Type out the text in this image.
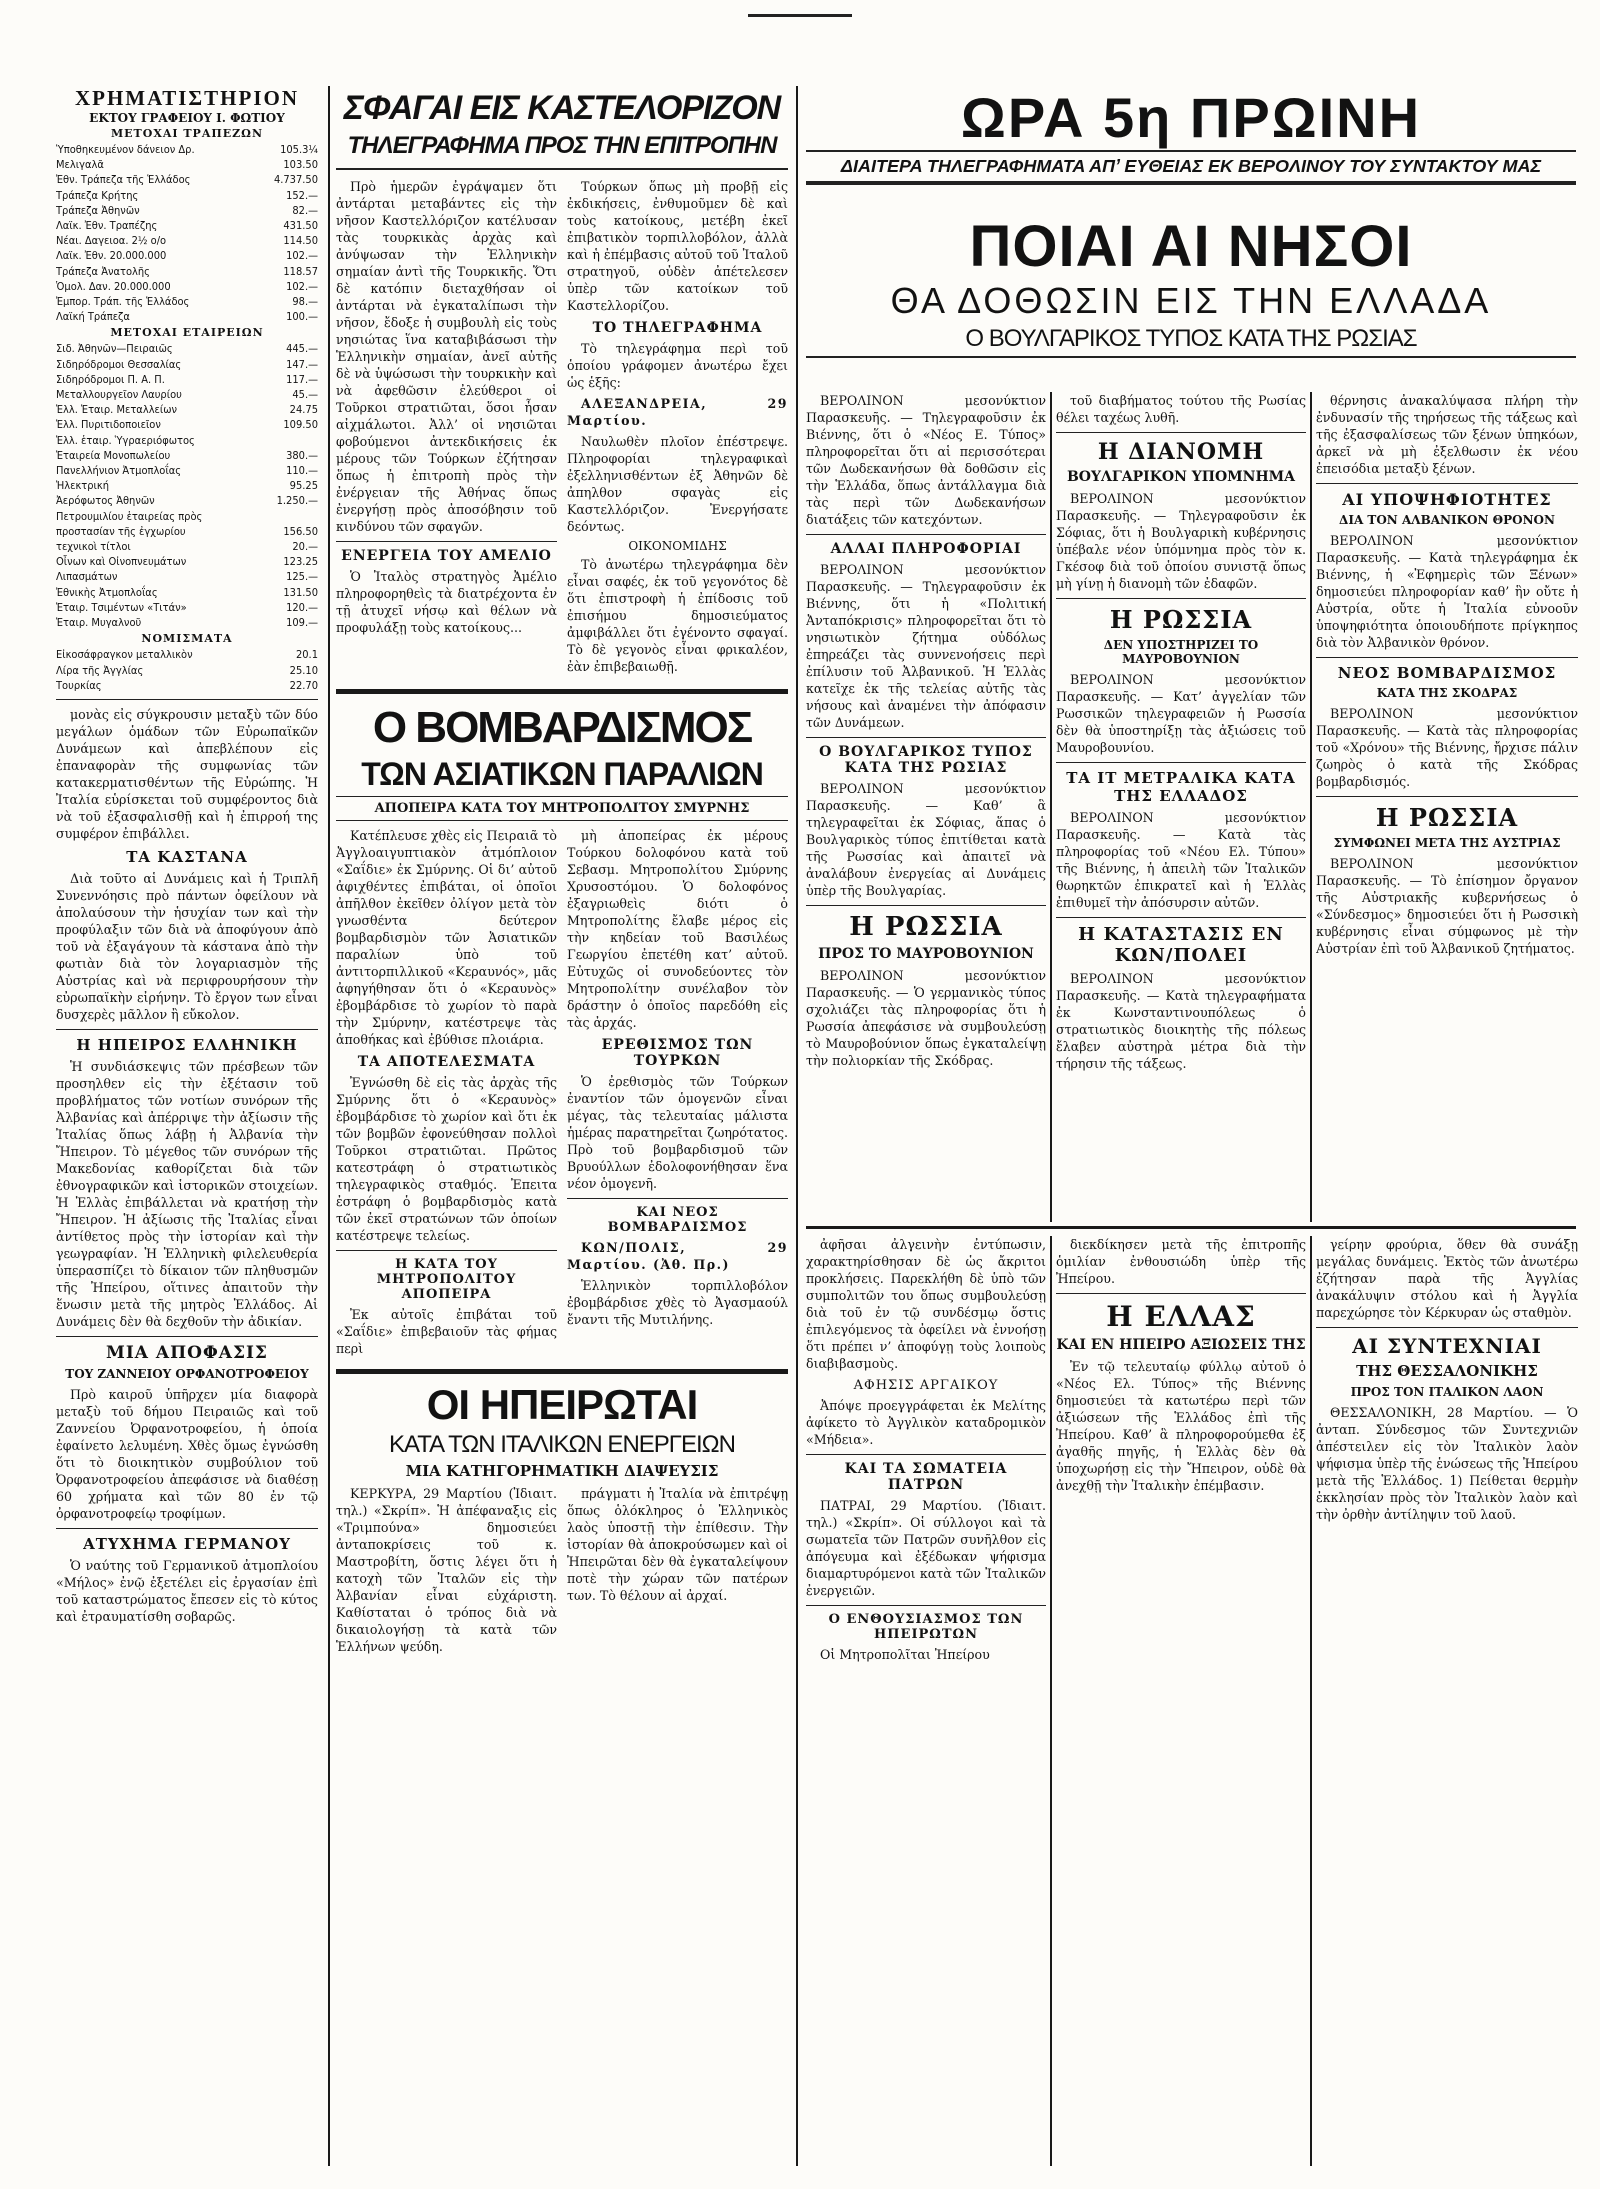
ΧΡΗΜΑΤΙΣΤΗΡΙΟΝ
ΕΚΤΟΥ ΓΡΑΦΕΙΟΥ Ι. ΦΩΤΙΟΥ
ΜΕΤΟΧΑΙ ΤΡΑΠΕΖΩΝ
Ὑποθηκευμένον δάνειον Δρ.	105.3¼
Μελιγαλᾶ	103.50
Ἐθν. Τράπεζα τῆς Ἑλλάδος	4.737.50
Τράπεζα Κρήτης	152.—
Τράπεζα Ἀθηνῶν	82.—
Λαϊκ. Ἐθν. Τραπέζης	431.50
Νέαι. Δαγειοα. 2½ ο/ο	114.50
Λαϊκ. Ἐθν. 20.000.000	102.—
Τράπεζα Ἀνατολῆς	118.57
Ὁμολ. Δαν. 20.000.000	102.—
Ἐμπορ. Τράπ. τῆς Ἑλλάδος	98.—
Λαϊκή Τράπεζα	100.—
ΜΕΤΟΧΑΙ ΕΤΑΙΡΕΙΩΝ
Σιδ. Ἀθηνῶν—Πειραιῶς	445.—
Σιδηρόδρομοι Θεσσαλίας	147.—
Σιδηρόδρομοι Π. Α. Π.	117.—
Μεταλλουργεῖον Λαυρίου	45.—
Ἑλλ. Ἑταιρ. Μεταλλείων	24.75
Ἑλλ. Πυριτιδοποιεῖον	109.50
Ἑλλ. ἑταιρ. Ὑγραεριόφωτος
Ἑταιρεία Μονοπωλείου	380.—
Πανελλήνιον Ἀτμοπλοΐας	110.—
Ἡλεκτρική	95.25
Ἀερόφωτος Ἀθηνῶν	1.250.—
Πετρουμιλίου ἑταιρείας πρὸς
προστασίαν τῆς ἐγχωρίου	156.50
τεχνικοὶ τίτλοι	20.—
Οἶνων καὶ Οἰνοπνευμάτων	123.25
Λιπασμάτων	125.—
Ἐθνικὴς Ἀτμοπλοΐας	131.50
Ἑταιρ. Τσιμέντων «Τιτάν»	120.—
Ἑταιρ. Μυγαλνοῦ	109.—
ΝΟΜΙΣΜΑΤΑ
Εἰκοσάφραγκον μεταλλικὸν	20.1
Λίρα τῆς Ἀγγλίας	25.10
Τουρκίας	22.70

μονὰς εἰς σύγκρουσιν μεταξὺ τῶν δύο μεγάλων ὁμάδων τῶν Εὐρωπαϊκῶν Δυνάμεων καὶ ἀπεβλέπουν εἰς ἐπαναφορὰν τῆς συμφωνίας τῶν κατακερματισθέντων τῆς Εὐρώπης. Ἡ Ἰταλία εὑρίσκεται τοῦ συμφέροντος διὰ νὰ τοῦ ἐξασφαλισθῇ καὶ ἡ ἐπιρροή της συμφέρον ἐπιβάλλει.

ΤΑ ΚΑΣΤΑΝΑ

Διὰ τοῦτο αἱ Δυνάμεις καὶ ἡ Τριπλῆ Συνεννόησις πρὸ πάντων ὀφείλουν νὰ ἀπολαύσουν τὴν ἡσυχίαν των καὶ τὴν προφύλαξιν τῶν διὰ νὰ ἀποφύγουν ἀπὸ τοῦ νὰ ἐξαγάγουν τὰ κάστανα ἀπὸ τὴν φωτιὰν διὰ τὸν λογαριασμὸν τῆς Αὐστρίας καὶ νὰ περιφρουρήσουν τὴν εὐρωπαϊκὴν εἰρήνην. Τὸ ἔργον των εἶναι δυσχερὲς μᾶλλον ἢ εὔκολον.

Η ΗΠΕΙΡΟΣ ΕΛΛΗΝΙΚΗ

Ἡ συνδιάσκεψις τῶν πρέσβεων τῶν προσηλθεν εἰς τὴν ἐξέτασιν τοῦ προβλήματος τῶν νοτίων συνόρων τῆς Ἀλβανίας καὶ ἀπέρριψε τὴν ἀξίωσιν τῆς Ἰταλίας ὅπως λάβῃ ἡ Ἀλβανία τὴν Ἤπειρον. Τὸ μέγεθος τῶν συνόρων τῆς Μακεδονίας καθορίζεται διὰ τῶν ἐθνογραφικῶν καὶ ἱστορικῶν στοιχείων. Ἡ Ἑλλὰς ἐπιβάλλεται νὰ κρατήσῃ τὴν Ἤπειρον. Ἡ ἀξίωσις τῆς Ἰταλίας εἶναι ἀντίθετος πρὸς τὴν ἱστορίαν καὶ τὴν γεωγραφίαν. Ἡ Ἑλληνικὴ φιλελευθερία ὑπερασπίζει τὸ δίκαιον τῶν πληθυσμῶν τῆς Ἠπείρου, οἵτινες ἀπαιτοῦν τὴν ἕνωσιν μετὰ τῆς μητρὸς Ἑλλάδος. Αἱ Δυνάμεις δὲν θὰ δεχθοῦν τὴν ἀδικίαν.

ΜΙΑ ΑΠΟΦΑΣΙΣ
ΤΟΥ ΖΑΝΝΕΙΟΥ ΟΡΦΑΝΟΤΡΟΦΕΙΟΥ

Πρὸ καιροῦ ὑπῆρχεν μία διαφορὰ μεταξὺ τοῦ δήμου Πειραιῶς καὶ τοῦ Ζαννείου Ὀρφανοτροφείου, ἡ ὁποία ἐφαίνετο λελυμένη. Χθὲς ὅμως ἐγνώσθη ὅτι τὸ διοικητικὸν συμβούλιον τοῦ Ὀρφανοτροφείου ἀπεφάσισε νὰ διαθέσῃ 60 χρήματα καὶ τῶν 80 ἐν τῷ ὀρφανοτροφείῳ τροφίμων.

ΑΤΥΧΗΜΑ ΓΕΡΜΑΝΟΥ

Ὁ ναύτης τοῦ Γερμανικοῦ ἀτμοπλοίου «Μήλος» ἐνῷ ἐξετέλει εἰς ἐργασίαν ἐπὶ τοῦ καταστρώματος ἔπεσεν εἰς τὸ κύτος καὶ ἐτραυματίσθη σοβαρῶς.

ΣΦΑΓΑΙ ΕΙΣ ΚΑΣΤΕΛΟΡΙΖΟΝ
ΤΗΛΕΓΡΑΦΗΜΑ ΠΡΟΣ ΤΗΝ ΕΠΙΤΡΟΠΗΝ

Πρὸ ἡμερῶν ἐγράψαμεν ὅτι ἀντάρται μεταβάντες εἰς τὴν νῆσον Καστελλόριζον κατέλυσαν τὰς τουρκικὰς ἀρχὰς καὶ ἀνύψωσαν τὴν Ἑλληνικὴν σημαίαν ἀντὶ τῆς Τουρκικῆς. Ὅτι δὲ κατόπιν διεταχθήσαν οἱ ἀντάρται νὰ ἐγκαταλίπωσι τὴν νῆσον, ἔδοξε ἡ συμβουλὴ εἰς τοὺς νησιώτας ἵνα καταβιβάσωσι τὴν Ἑλληνικὴν σημαίαν, ἀνεῖ αὐτῆς δὲ νὰ ὑψώσωσι τὴν τουρκικὴν καὶ νὰ ἀφεθῶσιν ἐλεύθεροι οἱ Τοῦρκοι στρατιῶται, ὅσοι ἦσαν αἰχμάλωτοι. Ἀλλ’ οἱ νησιῶται φοβούμενοι ἀντεκδικήσεις ἐκ μέρους τῶν Τούρκων ἐζήτησαν ὅπως ἡ ἐπιτροπὴ πρὸς τὴν ἐνέργειαν τῆς Ἀθήνας ὅπως ἐνεργήσῃ πρὸς ἀποσόβησιν τοῦ κινδύνου τῶν σφαγῶν.

ΕΝΕΡΓΕΙΑ ΤΟΥ ΑΜΕΛΙΟ

Ὁ Ἰταλὸς στρατηγὸς Ἀμέλιο πληροφορηθεὶς τὰ διατρέχοντα ἐν τῇ ἀτυχεῖ νήσῳ καὶ θέλων νὰ προφυλάξῃ τοὺς κατοίκους...

Τούρκων ὅπως μὴ προβῇ εἰς ἐκδικήσεις, ἐνθυμοῦμεν δὲ καὶ τοὺς κατοίκους, μετέβη ἐκεῖ ἐπιβατικὸν τορπιλλοβόλον, ἀλλὰ καὶ ἡ ἐπέμβασις αὐτοῦ τοῦ Ἰταλοῦ στρατηγοῦ, οὐδὲν ἀπέτελεσεν ὑπὲρ τῶν κατοίκων τοῦ Καστελλορίζου.

ΤΟ ΤΗΛΕΓΡΑΦΗΜΑ

Τὸ τηλεγράφημα περὶ τοῦ ὁποίου γράφομεν ἀνωτέρω ἔχει ὡς ἑξῆς:

ΑΛΕΞΑΝΔΡΕΙΑ, 29 Μαρτίου.

Ναυλωθὲν πλοῖον ἐπέστρεψε. Πληροφορίαι τηλεγραφικαὶ ἐξελληνισθέντων ἐξ Ἀθηνῶν δὲ ἀπηλθον σφαγὰς εἰς Καστελλόριζον. Ἐνεργήσατε δεόντως.

ΟΙΚΟΝΟΜΙΔΗΣ

Τὸ ἀνωτέρω τηλεγράφημα δὲν εἶναι σαφές, ἐκ τοῦ γεγονότος δὲ ὅτι ἐπιστροφὴ ἡ ἐπίδοσις τοῦ ἐπισήμου δημοσιεύματος ἀμφιβάλλει ὅτι ἐγένοντο σφαγαί. Τὸ δὲ γεγονὸς εἶναι φρικαλέον, ἐὰν ἐπιβεβαιωθῇ.

Ο ΒΟΜΒΑΡΔΙΣΜΟΣ
ΤΩΝ ΑΣΙΑΤΙΚΩΝ ΠΑΡΑΛΙΩΝ
ΑΠΟΠΕΙΡΑ ΚΑΤΑ ΤΟΥ ΜΗΤΡΟΠΟΛΙΤΟΥ ΣΜΥΡΝΗΣ

Κατέπλευσε χθὲς εἰς Πειραιᾶ τὸ Ἀγγλοαιγυπτιακὸν ἀτμόπλοιον «Σαΐδιε» ἐκ Σμύρνης. Οἱ δι’ αὐτοῦ ἀφιχθέντες ἐπιβάται, οἱ ὁποῖοι ἀπῆλθον ἐκεῖθεν ὀλίγον μετὰ τὸν γνωσθέντα δεύτερον βομβαρδισμὸν τῶν Ἀσιατικῶν παραλίων ὑπὸ τοῦ ἀντιτορπιλλικοῦ «Κεραυνός», μᾶς ἀφηγήθησαν ὅτι ὁ «Κεραυνὸς» ἐβομβάρδισε τὸ χωρίον τὸ παρὰ τὴν Σμύρνην, κατέστρεψε τὰς ἀποθήκας καὶ ἐβύθισε πλοιάρια.

ΤΑ ΑΠΟΤΕΛΕΣΜΑΤΑ

Ἐγνώσθη δὲ εἰς τὰς ἀρχὰς τῆς Σμύρνης ὅτι ὁ «Κεραυνὸς» ἐβομβάρδισε τὸ χωρίον καὶ ὅτι ἐκ τῶν βομβῶν ἐφονεύθησαν πολλοὶ Τοῦρκοι στρατιῶται. Πρῶτος κατεστράφη ὁ στρατιωτικὸς τηλεγραφικὸς σταθμός. Ἐπειτα ἐστράφη ὁ βομβαρδισμὸς κατὰ τῶν ἐκεῖ στρατώνων τῶν ὁποίων κατέστρεψε τελείως.

Η ΚΑΤΑ ΤΟΥ ΜΗΤΡΟΠΟΛΙΤΟΥ ΑΠΟΠΕΙΡΑ

Ἐκ αὐτοῖς ἐπιβάται τοῦ «Σαΐδιε» ἐπιβεβαιοῦν τὰς φήμας περὶ

μὴ ἀποπείρας ἐκ μέρους Τούρκου δολοφόνου κατὰ τοῦ Σεβασμ. Μητροπολίτου Σμύρνης Χρυσοστόμου. Ὁ δολοφόνος ἐξαγριωθεὶς διότι ὁ Μητροπολίτης ἔλαβε μέρος εἰς τὴν κηδείαν τοῦ Βασιλέως Γεωργίου ἐπετέθη κατ’ αὐτοῦ. Εὐτυχῶς οἱ συνοδεύοντες τὸν Μητροπολίτην συνέλαβον τὸν δράστην ὁ ὁποῖος παρεδόθη εἰς τὰς ἀρχάς.

ΕΡΕΘΙΣΜΟΣ ΤΩΝ ΤΟΥΡΚΩΝ

Ὁ ἐρεθισμὸς τῶν Τούρκων ἐναντίον τῶν ὁμογενῶν εἶναι μέγας, τὰς τελευταίας μάλιστα ἡμέρας παρατηρεῖται ζωηρότατος. Πρὸ τοῦ βομβαρδισμοῦ τῶν Βρυούλλων ἐδολοφονήθησαν ἕνα νέον ὁμογενῆ.

ΚΑΙ ΝΕΟΣ ΒΟΜΒΑΡΔΙΣΜΟΣ

ΚΩΝ/ΠΟΛΙΣ, 29 Μαρτίου. (Ἀθ. Πρ.)

Ἑλληνικὸν τορπιλλοβόλον ἐβομβάρδισε χθὲς τὸ Ἀγασμαούλ ἔναντι τῆς Μυτιλήνης.

ΟΙ ΗΠΕΙΡΩΤΑΙ
ΚΑΤΑ ΤΩΝ ΙΤΑΛΙΚΩΝ ΕΝΕΡΓΕΙΩΝ
ΜΙΑ ΚΑΤΗΓΟΡΗΜΑΤΙΚΗ ΔΙΑΨΕΥΣΙΣ

ΚΕΡΚΥΡΑ, 29 Μαρτίου (Ἰδιαιτ. τηλ.) «Σκρίπ». Ἡ ἀπέφαναξις εἰς «Τριμπούνα» δημοσιεύει ἀνταποκρίσεις τοῦ κ. Μαστροβίτη, ὅστις λέγει ὅτι ἡ κατοχὴ τῶν Ἰταλῶν εἰς τὴν Ἀλβανίαν εἶναι εὐχάριστη. Καθίσταται ὁ τρόπος διὰ νὰ δικαιολογήσῃ τὰ κατὰ τῶν Ἑλλήνων ψεύδη.

πράγματι ἡ Ἰταλία νὰ ἐπιτρέψῃ ὅπως ὁλόκληρος ὁ Ἑλληνικὸς λαὸς ὑποστῇ τὴν ἐπίθεσιν. Τὴν ἱστορίαν θὰ ἀποκρούσωμεν καὶ οἱ Ἠπειρῶται δὲν θὰ ἐγκαταλείψουν ποτὲ τὴν χώραν τῶν πατέρων των. Τὸ θέλουν αἱ ἀρχαί.

ΩΡΑ 5η ΠΡΩΙΝΗ
ΔΙΑΙΤΕΡΑ ΤΗΛΕΓΡΑΦΗΜΑΤΑ ΑΠ’ ΕΥΘΕΙΑΣ ΕΚ ΒΕΡΟΛΙΝΟΥ ΤΟΥ ΣΥΝΤΑΚΤΟΥ ΜΑΣ
ΠΟΙΑΙ ΑΙ ΝΗΣΟΙ
ΘΑ ΔΟΘΩΣΙΝ ΕΙΣ ΤΗΝ ΕΛΛΑΔΑ
Ο ΒΟΥΛΓΑΡΙΚΟΣ ΤΥΠΟΣ ΚΑΤΑ ΤΗΣ ΡΩΣΙΑΣ

ΒΕΡΟΛΙΝΟΝ μεσονύκτιον Παρασκευῆς. — Τηλεγραφοῦσιν ἐκ Βιέννης, ὅτι ὁ «Νέος Ε. Τύπος» πληροφορεῖται ὅτι αἱ περισσότεραι τῶν Δωδεκανήσων θὰ δοθῶσιν εἰς τὴν Ἑλλάδα, ὅπως ἀντάλλαγμα διὰ τὰς περὶ τῶν Δωδεκανήσων διατάξεις τῶν κατεχόντων.

ΑΛΛΑΙ ΠΛΗΡΟΦΟΡΙΑΙ

ΒΕΡΟΛΙΝΟΝ μεσονύκτιον Παρασκευῆς. — Τηλεγραφοῦσιν ἐκ Βιέννης, ὅτι ἡ «Πολιτική Ἀνταπόκρισις» πληροφορεῖται ὅτι τὸ νησιωτικὸν ζήτημα οὐδόλως ἐπηρεάζει τὰς συννενοήσεις περὶ ἐπίλυσιν τοῦ Ἀλβανικοῦ. Ἡ Ἑλλὰς κατεῖχε ἐκ τῆς τελείας αὐτῆς τὰς νήσους καὶ ἀναμένει τὴν ἀπόφασιν τῶν Δυνάμεων.

Ο ΒΟΥΛΓΑΡΙΚΟΣ ΤΥΠΟΣ ΚΑΤΑ ΤΗΣ ΡΩΣΙΑΣ

ΒΕΡΟΛΙΝΟΝ μεσονύκτιον Παρασκευῆς. — Καθ’ ἃ τηλεγραφεῖται ἐκ Σόφιας, ἅπας ὁ Βουλγαρικὸς τύπος ἐπιτίθεται κατὰ τῆς Ρωσσίας καὶ ἀπαιτεῖ νὰ ἀναλάβουν ἐνεργείας αἱ Δυνάμεις ὑπὲρ τῆς Βουλγαρίας.

Η ΡΩΣΣΙΑ
ΠΡΟΣ ΤΟ ΜΑΥΡΟΒΟΥΝΙΟΝ

ΒΕΡΟΛΙΝΟΝ μεσονύκτιον Παρασκευῆς. — Ὁ γερμανικὸς τύπος σχολιάζει τὰς πληροφορίας ὅτι ἡ Ρωσσία ἀπεφάσισε νὰ συμβουλεύσῃ τὸ Μαυροβούνιον ὅπως ἐγκαταλείψῃ τὴν πολιορκίαν τῆς Σκόδρας.

τοῦ διαβήματος τούτου τῆς Ρωσίας θέλει ταχέως λυθῆ.

Η ΔΙΑΝΟΜΗ
ΒΟΥΛΓΑΡΙΚΟΝ ΥΠΟΜΝΗΜΑ

ΒΕΡΟΛΙΝΟΝ μεσονύκτιον Παρασκευῆς. — Τηλεγραφοῦσιν ἐκ Σόφιας, ὅτι ἡ Βουλγαρικὴ κυβέρνησις ὑπέβαλε νέον ὑπόμνημα πρὸς τὸν κ. Γκέσοφ διὰ τοῦ ὁποίου συνιστᾷ ὅπως μὴ γίνῃ ἡ διανομὴ τῶν ἐδαφῶν.

Η ΡΩΣΣΙΑ
ΔΕΝ ΥΠΟΣΤΗΡΙΖΕΙ ΤΟ ΜΑΥΡΟΒΟΥΝΙΟΝ

ΒΕΡΟΛΙΝΟΝ μεσονύκτιον Παρασκευῆς. — Κατ’ ἀγγελίαν τῶν Ρωσσικῶν τηλεγραφειῶν ἡ Ρωσσία δὲν θὰ ὑποστηρίξῃ τὰς ἀξιώσεις τοῦ Μαυροβουνίου.

ΤΑ ΙΤ ΜΕΤΡΑΛΙΚΑ ΚΑΤΑ ΤΗΣ ΕΛΛΑΔΟΣ

ΒΕΡΟΛΙΝΟΝ μεσονύκτιον Παρασκευῆς. — Κατὰ τὰς πληροφορίας τοῦ «Νέου Ελ. Τύπου» τῆς Βιέννης, ἡ ἀπειλὴ τῶν Ἰταλικῶν θωρηκτῶν ἐπικρατεῖ καὶ ἡ Ἑλλὰς ἐπιθυμεῖ τὴν ἀπόσυρσιν αὐτῶν.

Η ΚΑΤΑΣΤΑΣΙΣ ΕΝ ΚΩΝ/ΠΟΛΕΙ

ΒΕΡΟΛΙΝΟΝ μεσονύκτιον Παρασκευῆς. — Κατὰ τηλεγραφήματα ἐκ Κωνσταντινουπόλεως ὁ στρατιωτικὸς διοικητὴς τῆς πόλεως ἔλαβεν αὐστηρὰ μέτρα διὰ τὴν τήρησιν τῆς τάξεως.

θέρνησις ἀνακαλύψασα πλήρη τὴν ἐνδυνασίν τῆς τηρήσεως τῆς τάξεως καὶ τῆς ἐξασφαλίσεως τῶν ξένων ὑπηκόων, ἀρκεῖ νὰ μὴ ἐξελθωσιν ἐκ νέου ἐπεισόδια μεταξὺ ξένων.

ΑΙ ΥΠΟΨΗΦΙΟΤΗΤΕΣ
ΔΙΑ ΤΟΝ ΑΛΒΑΝΙΚΟΝ ΘΡΟΝΟΝ

ΒΕΡΟΛΙΝΟΝ μεσονύκτιον Παρασκευῆς. — Κατὰ τηλεγράφημα ἐκ Βιέννης, ἡ «Ἐφημερὶς τῶν Ξένων» δημοσιεύει πληροφορίαν καθ’ ἣν οὔτε ἡ Αὐστρία, οὔτε ἡ Ἰταλία εὐνοοῦν ὑποψηφιότητα ὁποιουδήποτε πρίγκηπος διὰ τὸν Ἀλβανικὸν θρόνον.

ΝΕΟΣ ΒΟΜΒΑΡΔΙΣΜΟΣ
ΚΑΤΑ ΤΗΣ ΣΚΟΔΡΑΣ

ΒΕΡΟΛΙΝΟΝ μεσονύκτιον Παρασκευῆς. — Κατὰ τὰς πληροφορίας τοῦ «Χρόνου» τῆς Βιέννης, ἤρχισε πάλιν ζωηρὸς ὁ κατὰ τῆς Σκόδρας βομβαρδισμός.

Η ΡΩΣΣΙΑ
ΣΥΜΦΩΝΕΙ ΜΕΤΑ ΤΗΣ ΑΥΣΤΡΙΑΣ

ΒΕΡΟΛΙΝΟΝ μεσονύκτιον Παρασκευῆς. — Τὸ ἐπίσημον ὄργανον τῆς Αὐστριακῆς κυβερνήσεως ὁ «Σύνδεσμος» δημοσιεύει ὅτι ἡ Ρωσσικὴ κυβέρνησις εἶναι σύμφωνος μὲ τὴν Αὐστρίαν ἐπὶ τοῦ Ἀλβανικοῦ ζητήματος.

ἀφῆσαι ἀλγεινὴν ἐντύπωσιν, χαρακτηρίσθησαν δὲ ὡς ἄκριτοι προκλήσεις. Παρεκλήθη δὲ ὑπὸ τῶν συμπολιτῶν του ὅπως συμβουλεύσῃ διὰ τοῦ ἐν τῷ συνδέσμῳ ὅστις ἐπιλεγόμενος τὰ ὀφείλει νὰ ἐννοήσῃ ὅτι πρέπει ν’ ἀποφύγῃ τοὺς λοιποὺς διαβιβασμοὺς.

ΑΦΗΣΙΣ ΑΡΓΑΙΚΟΥ

Ἀπόψε προεγγράφεται ἐκ Μελίτης ἀφίκετο τὸ Ἀγγλικὸν καταδρομικὸν «Μήδεια».

ΚΑΙ ΤΑ ΣΩΜΑΤΕΙΑ ΠΑΤΡΩΝ

ΠΑΤΡΑΙ, 29 Μαρτίου. (Ἰδιαιτ. τηλ.) «Σκρίπ». Οἱ σύλλογοι καὶ τὰ σωματεῖα τῶν Πατρῶν συνῆλθον εἰς ἀπόγευμα καὶ ἐξέδωκαν ψήφισμα διαμαρτυρόμενοι κατὰ τῶν Ἰταλικῶν ἐνεργειῶν.

Ο ΕΝΘΟΥΣΙΑΣΜΟΣ ΤΩΝ ΗΠΕΙΡΩΤΩΝ

Οἱ Μητροπολῖται Ἠπείρου

διεκδίκησεν μετὰ τῆς ἐπιτροπῆς ὁμιλίαν ἐνθουσιώδη ὑπὲρ τῆς Ἠπείρου.

Η ΕΛΛΑΣ
ΚΑΙ ΕΝ ΗΠΕΙΡΟ ΑΞΙΩΣΕΙΣ ΤΗΣ

Ἐν τῷ τελευταίῳ φύλλῳ αὐτοῦ ὁ «Νέος Ελ. Τύπος» τῆς Βιέννης δημοσιεύει τὰ κατωτέρω περὶ τῶν ἀξιώσεων τῆς Ἑλλάδος ἐπὶ τῆς Ἠπείρου. Καθ’ ἃ πληροφορούμεθα ἐξ ἀγαθῆς πηγῆς, ἡ Ἑλλὰς δὲν θὰ ὑποχωρήσῃ εἰς τὴν Ἤπειρον, οὐδὲ θὰ ἀνεχθῇ τὴν Ἰταλικὴν ἐπέμβασιν.

γείρην φρούρια, ὅθεν θὰ συνάξῃ μεγάλας δυνάμεις. Ἐκτὸς τῶν ἀνωτέρω ἐζήτησαν παρὰ τῆς Ἀγγλίας ἀνακάλυψιν στόλου καὶ ἡ Ἀγγλία παρεχώρησε τὸν Κέρκυραν ὡς σταθμὸν.

ΑΙ ΣΥΝΤΕΧΝΙΑΙ
ΤΗΣ ΘΕΣΣΑΛΟΝΙΚΗΣ
ΠΡΟΣ ΤΟΝ ΙΤΑΛΙΚΟΝ ΛΑΟΝ

ΘΕΣΣΑΛΟΝΙΚΗ, 28 Μαρτίου. — Ὁ ἀνταπ. Σύνδεσμος τῶν Συντεχνιῶν ἀπέστειλεν εἰς τὸν Ἰταλικὸν λαὸν ψήφισμα ὑπὲρ τῆς ἑνώσεως τῆς Ἠπείρου μετὰ τῆς Ἑλλάδος. 1) Πείθεται θερμὴν ἐκκλησίαν πρὸς τὸν Ἰταλικὸν λαὸν καὶ τὴν ὀρθὴν ἀντίληψιν τοῦ λαοῦ.
